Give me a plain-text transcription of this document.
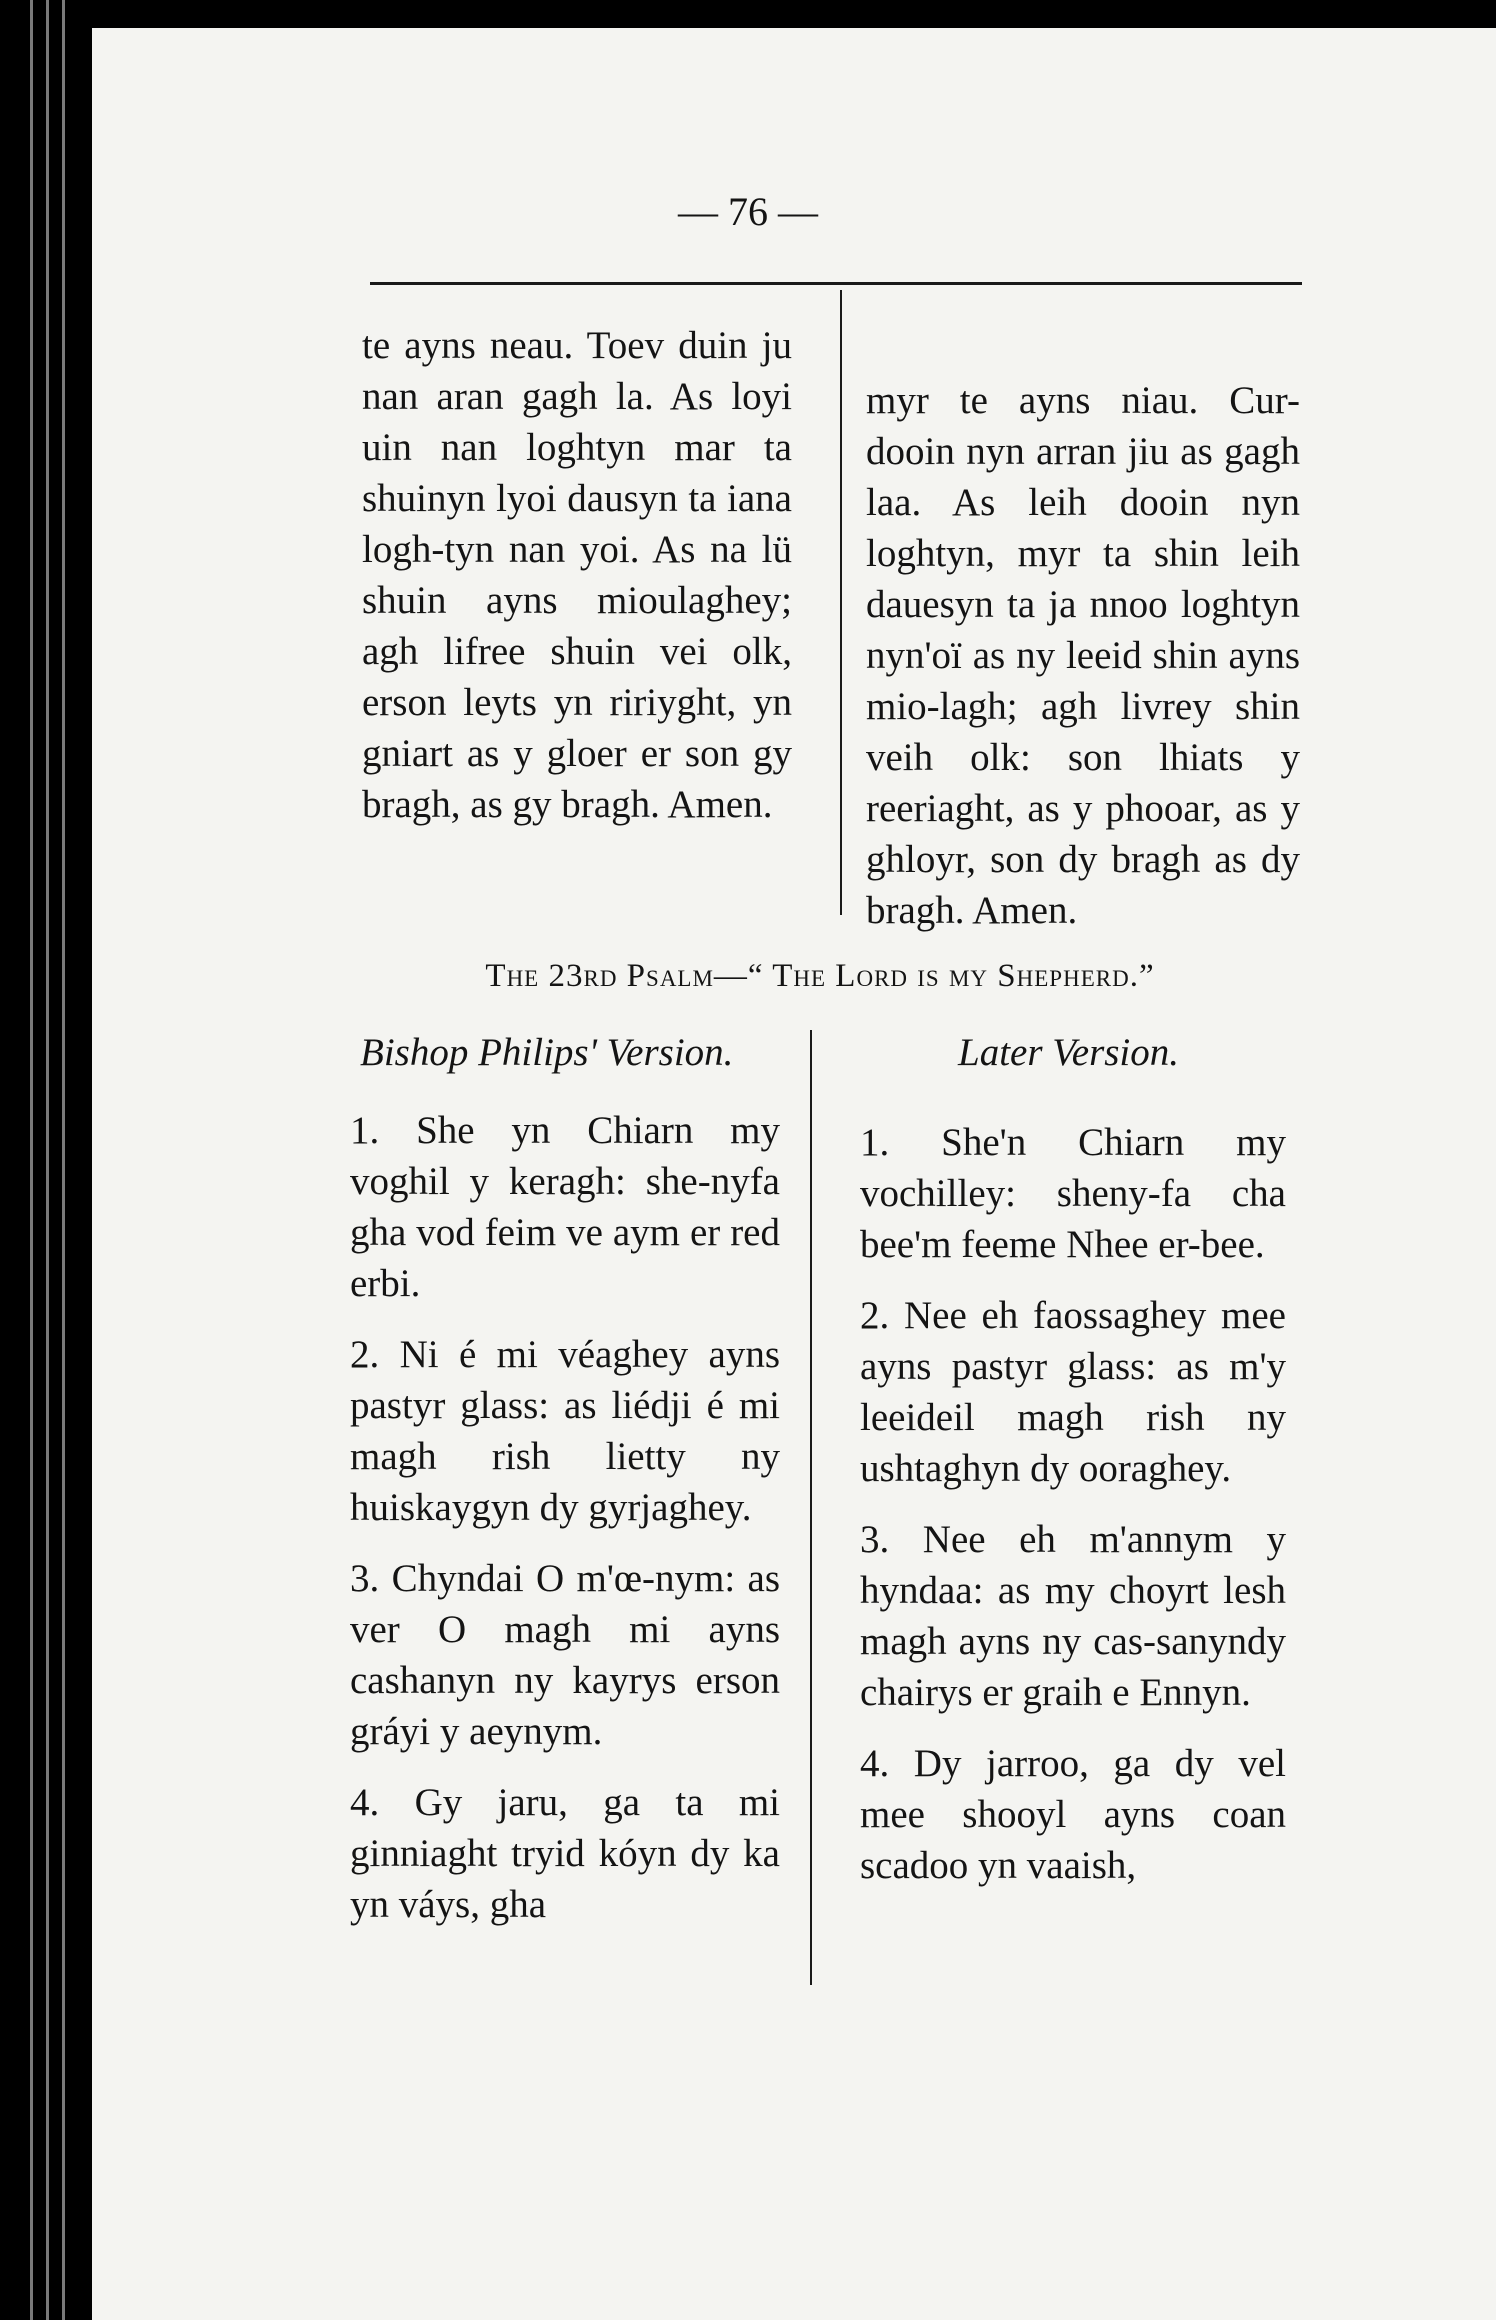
— 76 —

te ayns neau. Toev duin ju nan aran gagh la. As loyi uin nan loghtyn mar ta shuinyn lyoi dausyn ta iana logh-tyn nan yoi. As na lü shuin ayns mioulaghey; agh lifree shuin vei olk, erson leyts yn ririyght, yn gniart as y gloer er son gy bragh, as gy bragh. Amen.

myr te ayns niau. Cur-dooin nyn arran jiu as gagh laa. As leih dooin nyn loghtyn, myr ta shin leih dauesyn ta ja nnoo loghtyn nyn'oï as ny leeid shin ayns mio-lagh; agh livrey shin veih olk: son lhiats y reeriaght, as y phooar, as y ghloyr, son dy bragh as dy bragh. Amen.

The 23rd Psalm—“ The Lord is my Shepherd.”
Bishop Philips' Version.	Later Version.

1. She yn Chiarn my voghil y keragh: she-nyfa gha vod feim ve aym er red erbi.

2. Ni é mi véaghey ayns pastyr glass: as liédji é mi magh rish lietty ny huiskaygyn dy gyrjaghey.

3. Chyndai O m'œ-nym: as ver O magh mi ayns cashanyn ny kayrys erson gráyi y aeynym.

4. Gy jaru, ga ta mi ginniaght tryid kóyn dy ka yn váys, gha

1. She'n Chiarn my vochilley: sheny-fa cha bee'm feeme Nhee er-bee.

2. Nee eh faossaghey mee ayns pastyr glass: as m'y leeideil magh rish ny ushtaghyn dy ooraghey.

3. Nee eh m'annym y hyndaa: as my choyrt lesh magh ayns ny cas-sanyndy chairys er graih e Ennyn.

4. Dy jarroo, ga dy vel mee shooyl ayns coan scadoo yn vaaish,
